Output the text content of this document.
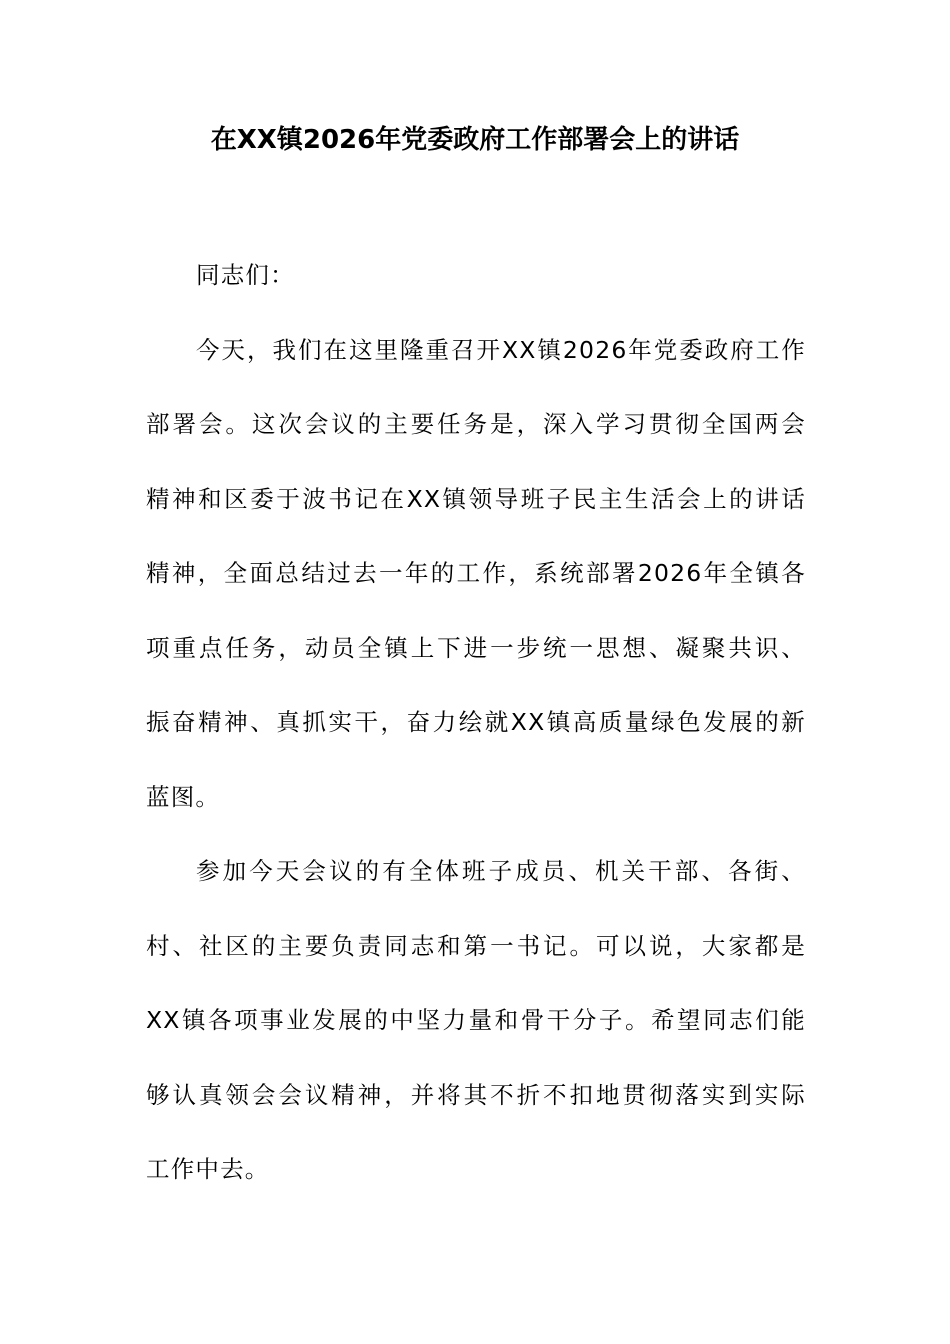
在XX镇2026年党委政府工作部署会上的讲话
同志们：
今天，我们在这里隆重召开XX镇2026年党委政府工作
部署会。这次会议的主要任务是，深入学习贯彻全国两会
精神和区委于波书记在XX镇领导班子民主生活会上的讲话
精神，全面总结过去一年的工作，系统部署2026年全镇各
项重点任务，动员全镇上下进一步统一思想、凝聚共识、
振奋精神、真抓实干，奋力绘就XX镇高质量绿色发展的新
蓝图。
参加今天会议的有全体班子成员、机关干部、各街、
村、社区的主要负责同志和第一书记。可以说，大家都是
XX镇各项事业发展的中坚力量和骨干分子。希望同志们能
够认真领会会议精神，并将其不折不扣地贯彻落实到实际
工作中去。
